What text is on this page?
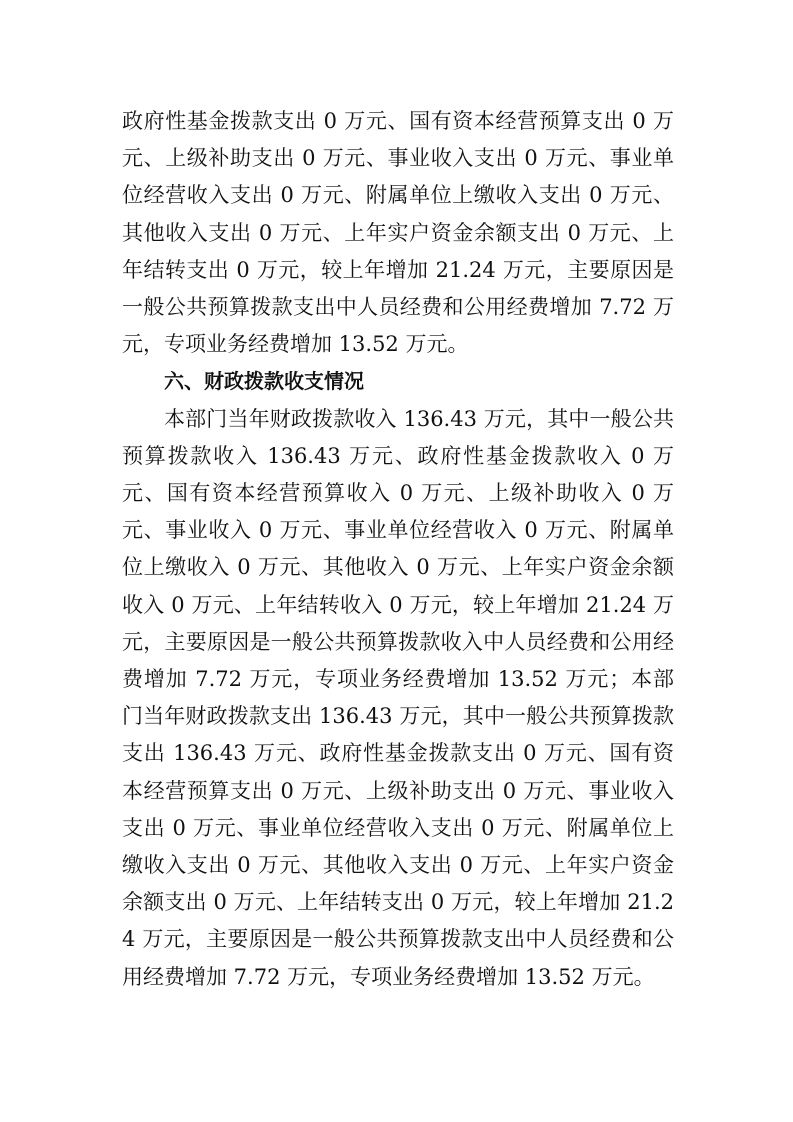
政府性基金拨款支出 0 万元、国有资本经营预算支出 0 万元、上级补助支出 0 万元、事业收入支出 0 万元、事业单位经营收入支出 0 万元、附属单位上缴收入支出 0 万元、其他收入支出 0 万元、上年实户资金余额支出 0 万元、上年结转支出 0 万元，较上年增加 21.24 万元，主要原因是一般公共预算拨款支出中人员经费和公用经费增加 7.72 万元，专项业务经费增加 13.52 万元。

六、财政拨款收支情况

本部门当年财政拨款收入 136.43 万元，其中一般公共预算拨款收入 136.43 万元、政府性基金拨款收入 0 万元、国有资本经营预算收入 0 万元、上级补助收入 0 万元、事业收入 0 万元、事业单位经营收入 0 万元、附属单位上缴收入 0 万元、其他收入 0 万元、上年实户资金余额收入 0 万元、上年结转收入 0 万元，较上年增加 21.24 万元，主要原因是一般公共预算拨款收入中人员经费和公用经费增加 7.72 万元，专项业务经费增加 13.52 万元；本部门当年财政拨款支出 136.43 万元，其中一般公共预算拨款支出 136.43 万元、政府性基金拨款支出 0 万元、国有资本经营预算支出 0 万元、上级补助支出 0 万元、事业收入支出 0 万元、事业单位经营收入支出 0 万元、附属单位上缴收入支出 0 万元、其他收入支出 0 万元、上年实户资金余额支出 0 万元、上年结转支出 0 万元，较上年增加 21.24 万元，主要原因是一般公共预算拨款支出中人员经费和公用经费增加 7.72 万元，专项业务经费增加 13.52 万元。
